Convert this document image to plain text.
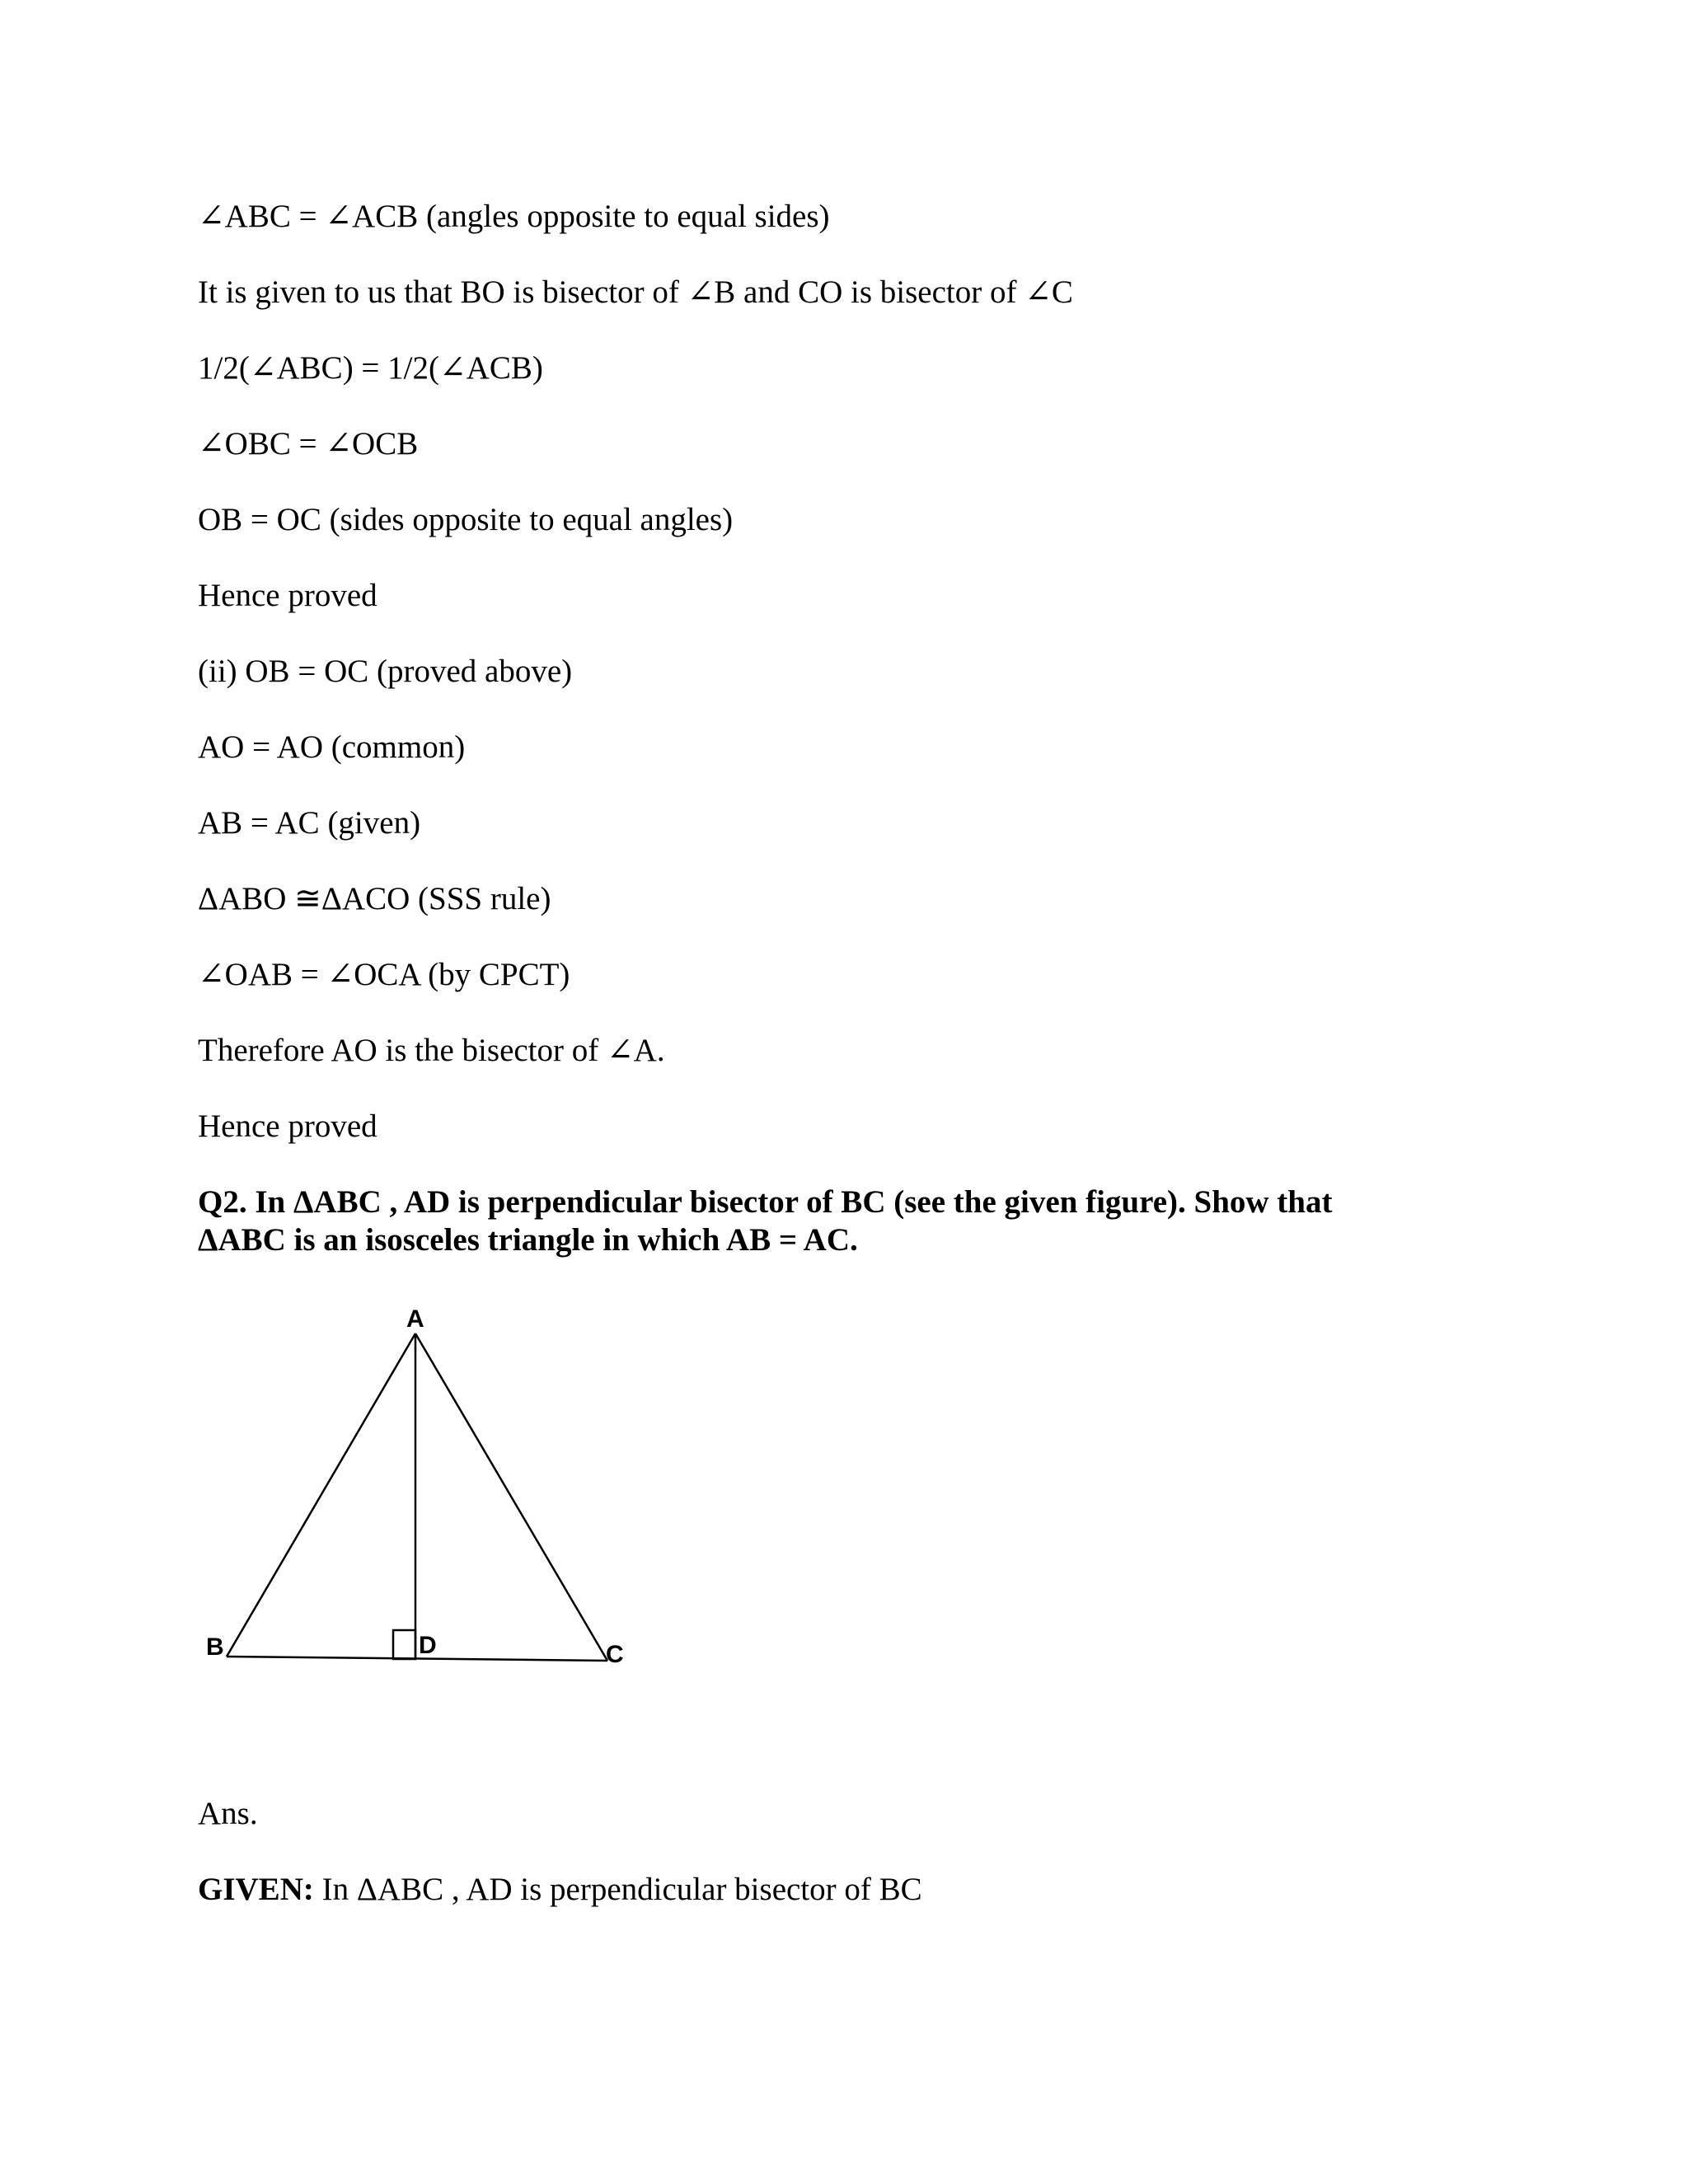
∠ABC = ∠ACB (angles opposite to equal sides)
It is given to us that BO is bisector of ∠B and CO is bisector of ∠C
1/2(∠ABC) = 1/2(∠ACB)
∠OBC = ∠OCB
OB = OC (sides opposite to equal angles)
Hence proved
(ii) OB = OC (proved above)
AO = AO (common)
AB = AC (given)
ΔABO ≅ΔACO (SSS rule)
∠OAB = ∠OCA (by CPCT)
Therefore AO is the bisector of ∠A.
Hence proved
Q2. In ΔABC , AD is perpendicular bisector of BC (see the given figure). Show that
ΔABC is an isosceles triangle in which AB = AC.
A
B	C
D
Ans.
GIVEN: In ΔABC , AD is perpendicular bisector of BC
